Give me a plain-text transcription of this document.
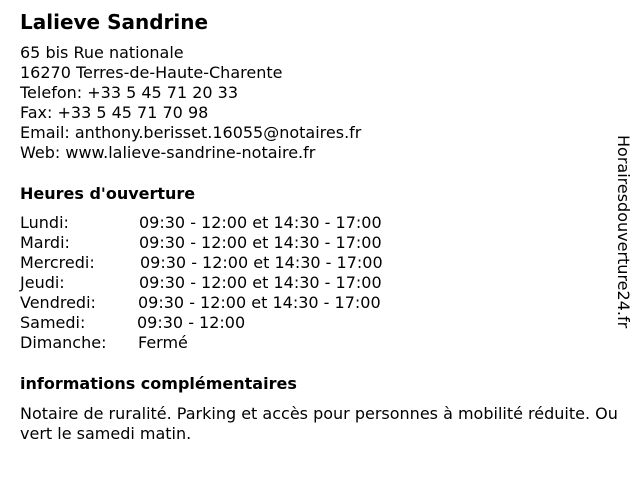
Lalieve Sandrine
65 bis Rue nationale
16270 Terres-de-Haute-Charente
Telefon: +33 5 45 71 20 33
Fax: +33 5 45 71 70 98
Email: anthony.berisset.16055@notaires.fr
Web: www.lalieve-sandrine-notaire.fr
Heures d'ouverture
Lundi:	09:30 - 12:00 et 14:30 - 17:00
Mardi:	09:30 - 12:00 et 14:30 - 17:00
Mercredi:	09:30 - 12:00 et 14:30 - 17:00
Jeudi:	09:30 - 12:00 et 14:30 - 17:00
Vendredi:	09:30 - 12:00 et 14:30 - 17:00
Samedi:	09:30 - 12:00
Dimanche: Fermé
informations complémentaires
Notaire de ruralité. Parking et accès pour personnes à mobilité réduite. Ouvert le samedi matin.
Horairesdouverture24.fr
